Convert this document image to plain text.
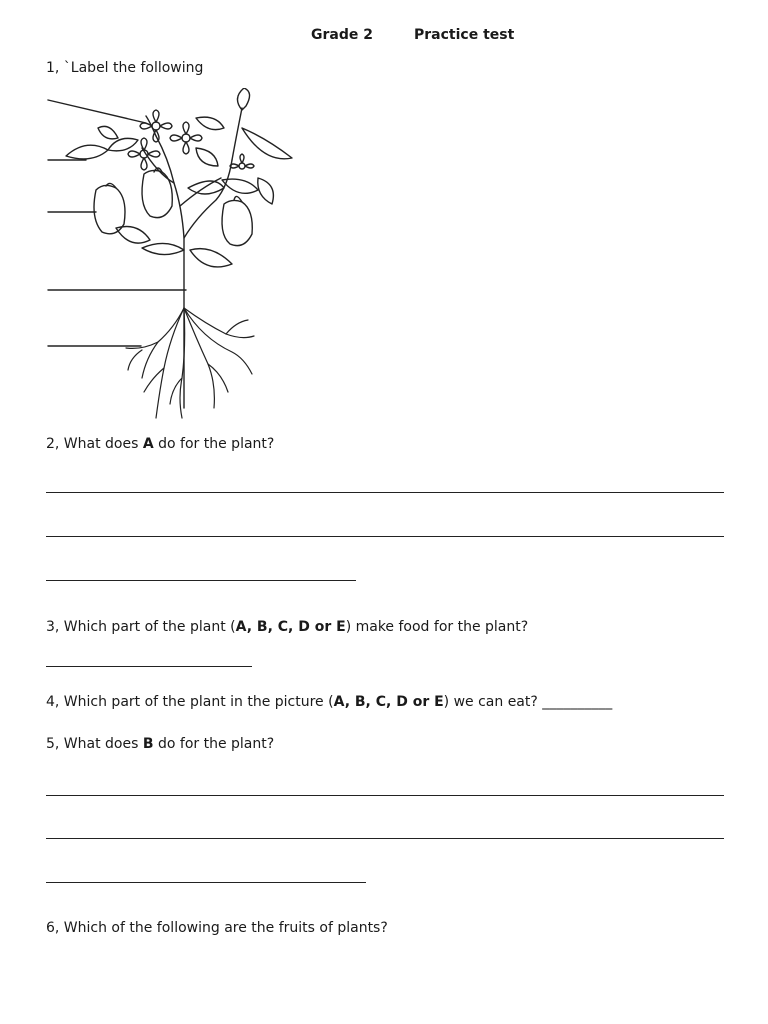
Grade 2	Practice test
1, `Label the following
2, What does A do for the plant?
3, Which part of the plant (A, B, C, D or E) make food for the plant?
4, Which part of the plant in the picture (A, B, C, D or E) we can eat? __________
5, What does B do for the plant?
6, Which of the following are the fruits of plants?
